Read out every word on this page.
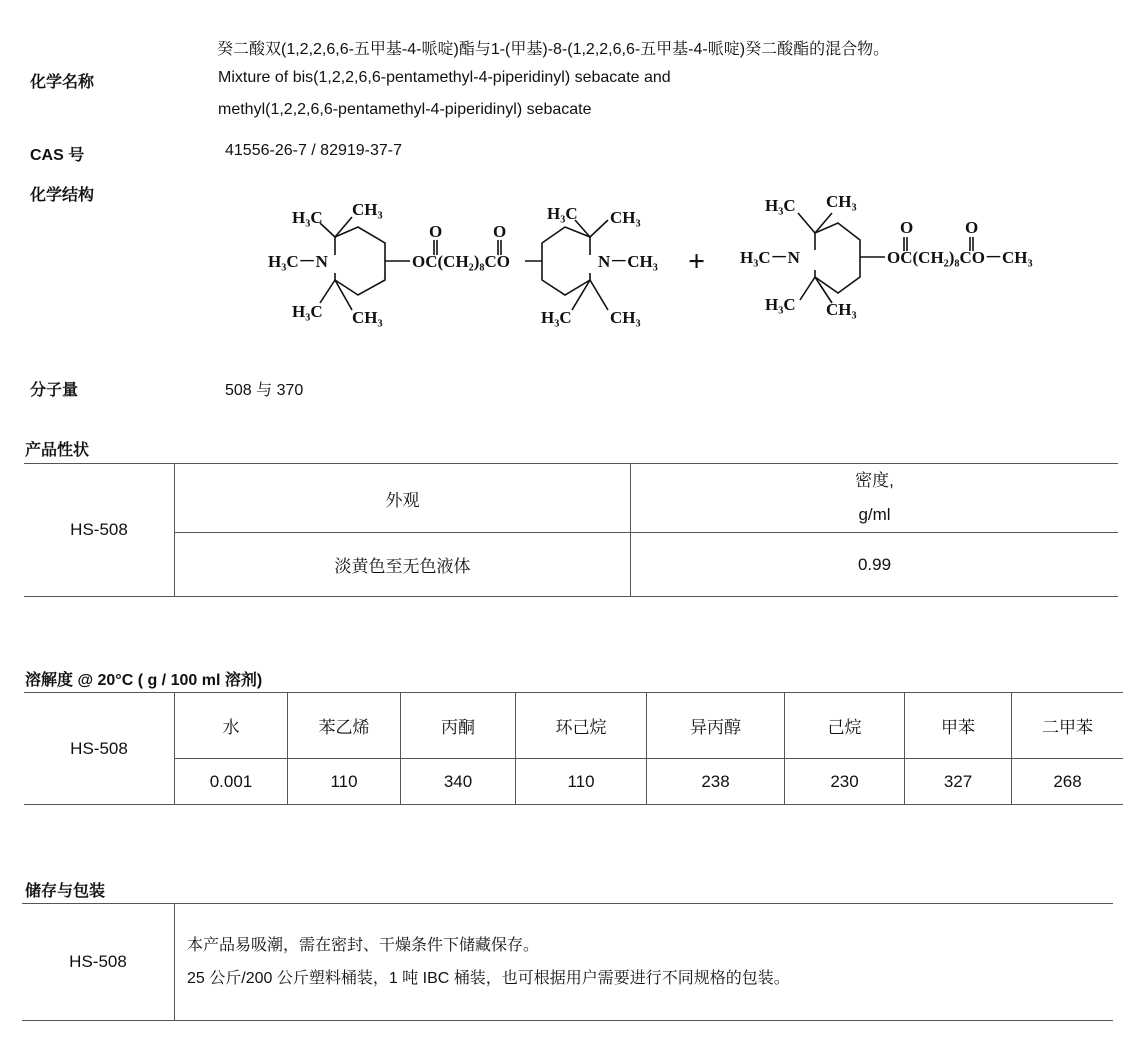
癸二酸双(1,2,2,6,6-五甲基-4-哌啶)酯与1-(甲基)-8-(1,2,2,6,6-五甲基-4-哌啶)癸二酸酯的混合物。
化学名称	Mixture of bis(1,2,2,6,6-pentamethyl-4-piperidinyl) sebacate and
methyl(1,2,2,6,6-pentamethyl-4-piperidinyl) sebacate
CAS 号	41556-26-7 / 82919-37-7
化学结构
H₃C CH₃
H₃C－N
H₃C CH₃
O	O
OC(CH₂)₈CO
H₃C CH₃
N－CH₃
H₃C CH₃
+
H₃C CH₃
H₃C－N
H₃C CH₃
O	O
OC(CH₂)₈CO－CH₃
分子量	508 与 370
产品性状
HS-508	外观	密度,
g/ml

	淡黄色至无色液体	0.99
溶解度 @ 20°C ( g / 100 ml 溶剂)
HS-508	水	苯乙烯	丙酮	环己烷	异丙醇	己烷	甲苯	二甲苯
	0.001	110	340	110	238	230	327	268
储存与包装
HS-508	
本产品易吸潮，需在密封、干燥条件下储藏保存。
25 公斤/200 公斤塑料桶装，1 吨 IBC 桶装，也可根据用户需要进行不同规格的包装。
